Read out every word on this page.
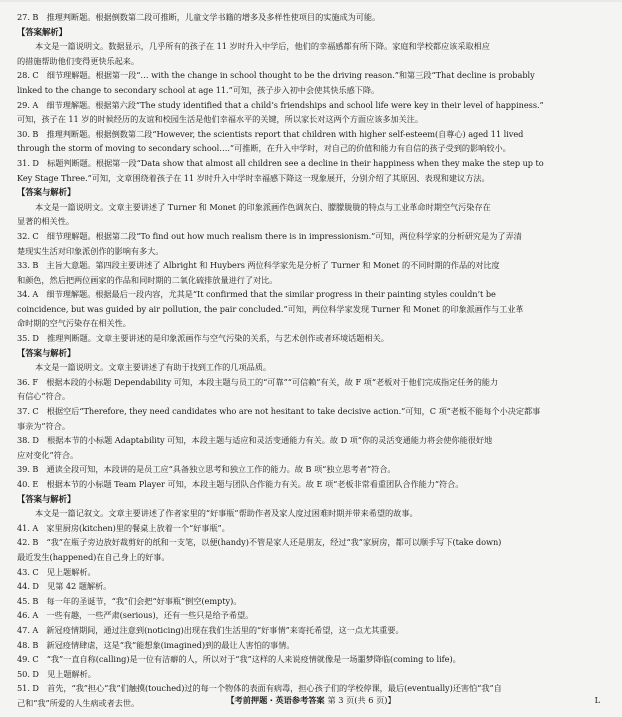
27. B　推理判断题。根据倒数第二段可推断，儿童文学书籍的增多及多样性使项目的实施成为可能。
【答案解析】
本文是一篇说明文。数据显示，几乎所有的孩子在 11 岁时升入中学后，他们的幸福感都有所下降。家庭和学校都应该采取相应
的措施帮助他们变得更快乐起来。
28. C　细节理解题。根据第一段“… with the change in school thought to be the driving reason.”和第三段“That decline is probably
linked to the change to secondary school at age 11.”可知，孩子步入初中会使其快乐感下降。
29. A　细节理解题。根据第六段“The study identified that a child’s friendships and school life were key in their level of happiness.”
可知，孩子在 11 岁的时候经历的友谊和校园生活是他们幸福水平的关键，所以家长对这两个方面应该多加关注。
30. B　推理判断题。根据倒数第二段“However, the scientists report that children with higher self-esteem(自尊心) aged 11 lived
through the storm of moving to secondary school….”可推断，在升入中学时，对自己的价值和能力有自信的孩子受到的影响较小。
31. D　标题判断题。根据第一段“Data show that almost all children see a decline in their happiness when they make the step up to
Key Stage Three.”可知，文章围绕着孩子在 11 岁时升入中学时幸福感下降这一现象展开，分别介绍了其原因、表现和建议方法。
【答案与解析】
本文是一篇说明文。文章主要讲述了 Turner 和 Monet 的印象派画作色调灰白、朦朦胧胧的特点与工业革命时期空气污染存在
显著的相关性。
32. C　细节理解题。根据第二段“To find out how much realism there is in impressionism.”可知，两位科学家的分析研究是为了弄清
楚现实生活对印象派创作的影响有多大。
33. B　主旨大意题。第四段主要讲述了 Albright 和 Huybers 两位科学家先是分析了 Turner 和 Monet 的不同时期的作品的对比度
和颜色，然后把两位画家的作品和同时期的二氧化硫排放量进行了对比。
34. A　细节理解题。根据最后一段内容，尤其是“It confirmed that the similar progress in their painting styles couldn’t be
coincidence, but was guided by air pollution, the pair concluded.”可知，两位科学家发现 Turner 和 Monet 的印象派画作与工业革
命时期的空气污染存在相关性。
35. D　推理判断题。文章主要讲述的是印象派画作与空气污染的关系，与艺术创作或者环境话题相关。
【答案与解析】
本文是一篇说明文。文章主要讲述了有助于找到工作的几项品质。
36. F　根据本段的小标题 Dependability 可知，本段主题与员工的“可靠”“可信赖”有关，故 F 项“老板对于他们完成指定任务的能力
有信心”符合。
37. C　根据空后“Therefore, they need candidates who are not hesitant to take decisive action.”可知，C 项“老板不能每个小决定都事
事亲为”符合。
38. D　根据本节的小标题 Adaptability 可知，本段主题与适应和灵活变通能力有关。故 D 项“你的灵活变通能力将会使你能很好地
应对变化”符合。
39. B　通读全段可知，本段讲的是员工应“具备独立思考和独立工作的能力。故 B 项“独立思考者”符合。
40. E　根据本节的小标题 Team Player 可知，本段主题与团队合作能力有关。故 E 项“老板非常看重团队合作能力”符合。
【答案与解析】
本文是一篇记叙文。文章主要讲述了作者家里的“好事瓶”帮助作者及家人度过困难时期并带来希望的故事。
41. A　家里厨房(kitchen)里的餐桌上放着一个“好事瓶”。
42. B　“我”在瓶子旁边放好裁剪好的纸和一支笔，以便(handy)不管是家人还是朋友，经过“我”家厨房，都可以顺手写下(take down)
最近发生(happened)在自己身上的好事。
43. C　见上题解析。
44. D　见第 42 题解析。
45. B　每一年的圣诞节，“我”们会把“好事瓶”倒空(empty)。
46. A　一些有趣，一些严肃(serious)，还有一些只是给予希望。
47. A　新冠疫情期间，通过注意到(noticing)出现在我们生活里的“好事情”来寄托希望，这一点尤其重要。
48. B　新冠疫情肆虐，这是“我”能想象(imagined)到的最让人害怕的事情。
49. C　“我”一直自称(calling)是一位有洁癖的人，所以对于“我”这样的人来说疫情就像是一场噩梦降临(coming to life)。
50. D　见上题解析。
51. D　首先，“我”担心“我”们触摸(touched)过的每一个物体的表面有病毒，担心孩子们的学校停课，最后(eventually)还害怕“我”自
己和“我”所爱的人生病或者去世。	【考前押题・英语参考答案 第 3 页(共 6 页)】	L
